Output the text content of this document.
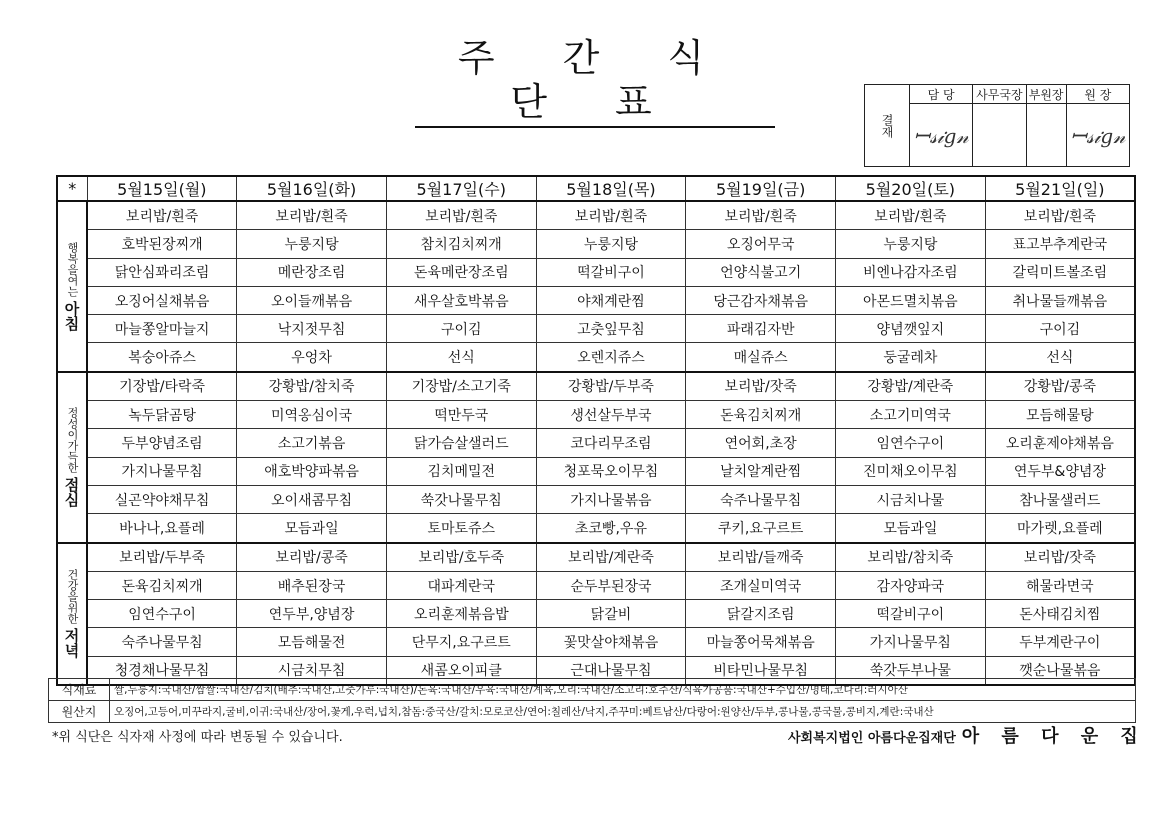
주 간 식 단 표
결재	담 당	사무국장	부원장	원 장
	ꟷ𝓈𝒾𝑔𝓃			ꟷ𝓈𝒾𝑔𝓃
*	5월15일(월)	5월16일(화)	5월17일(수)	5월18일(목)	5월19일(금)	5월20일(토)	5월21일(일)

행복을여는
아침	보리밥/흰죽	보리밥/흰죽	보리밥/흰죽	보리밥/흰죽	보리밥/흰죽	보리밥/흰죽	보리밥/흰죽
	호박된장찌개	누룽지탕	참치김치찌개	누룽지탕	오징어무국	누룽지탕	표고부추계란국
	닭안심꽈리조림	메란장조림	돈육메란장조림	떡갈비구이	언양식불고기	비엔나감자조림	갈릭미트볼조림
	오징어실채볶음	오이들깨볶음	새우살호박볶음	야채계란찜	당근감자채볶음	아몬드멸치볶음	취나물들깨볶음
	마늘쫑알마늘지	낙지젓무침	구이김	고춧잎무침	파래김자반	양념깻잎지	구이김
	복숭아쥬스	우엉차	선식	오렌지쥬스	매실쥬스	둥굴레차	선식

정성이가득한
점심	기장밥/타락죽	강황밥/참치죽	기장밥/소고기죽	강황밥/두부죽	보리밥/잣죽	강황밥/계란죽	강황밥/콩죽
	녹두닭곰탕	미역옹심이국	떡만두국	생선살두부국	돈육김치찌개	소고기미역국	모듬해물탕
	두부양념조림	소고기볶음	닭가슴살샐러드	코다리무조림	연어회,초장	임연수구이	오리훈제야채볶음
	가지나물무침	애호박양파볶음	김치메밀전	청포묵오이무침	날치알계란찜	진미채오이무침	연두부&양념장
	실곤약야채무침	오이새콤무침	쑥갓나물무침	가지나물볶음	숙주나물무침	시금치나물	참나물샐러드
	바나나,요플레	모듬과일	토마토쥬스	초코빵,우유	쿠키,요구르트	모듬과일	마가렛,요플레

건강을위한
저녁	보리밥/두부죽	보리밥/콩죽	보리밥/호두죽	보리밥/계란죽	보리밥/들깨죽	보리밥/참치죽	보리밥/잣죽
	돈육김치찌개	배추된장국	대파계란국	순두부된장국	조개실미역국	감자양파국	해물라면국
	임연수구이	연두부,양념장	오리훈제볶음밥	닭갈비	닭갈지조림	떡갈비구이	돈사태김치찜
	숙주나물무침	모듬해물전	단무지,요구르트	꽃맛살야채볶음	마늘쫑어묵채볶음	가지나물무침	두부계란구이
	청경채나물무침	시금치무침	새콤오이피클	근대나물무침	비타민나물무침	쑥갓두부나물	깻순나물볶음
식재료	쌀,누룽지:국내산/쌈쌀:국내산/김치(배추:국내산,고춧가루:국내산)/돈육:국내산/우육:국내산/계육,오리:국내산/소고리:호주산/식육가공품:국내산+수입산/명태,코다리:러시아산
원산지	오징어,고등어,미꾸라지,굴비,이귀:국내산/장어,꽃게,우럭,넙치,참돔:중국산/갈치:모로코산/연어:칠레산/낙지,주꾸미:베트남산/다랑어:원양산/두부,콩나물,콩국물,콩비지,계란:국내산
*위 식단은 식자재 사정에 따라 변동될 수 있습니다.	사회복지법인 아름다운집재단 아 름 다 운 집
